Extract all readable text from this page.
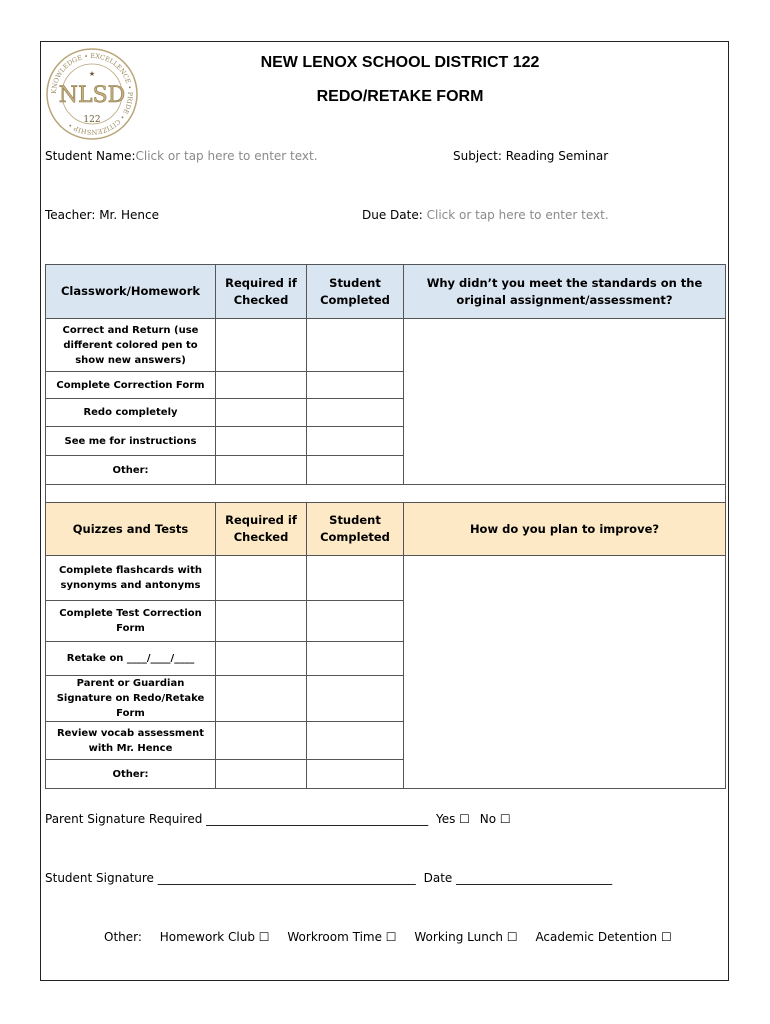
KNOWLEDGE • EXCELLENCE • PRIDE • CITIZENSHIP •
NLSD
122
★
NEW LENOX SCHOOL DISTRICT 122
REDO/RETAKE FORM
Student Name:Click or tap here to enter text.	Subject: Reading Seminar
Teacher: Mr. Hence	Due Date: Click or tap here to enter text.
Classwork/Homework	Required if Checked	Student Completed	Why didn’t you meet the standards on the original assignment/assessment?
Correct and Return (use different colored pen to show new answers)			
Complete Correction Form			
Redo completely			
See me for instructions			
Other:			

Quizzes and Tests	Required if Checked	Student Completed	How do you plan to improve?
Complete flashcards with synonyms and antonyms			
Complete Test Correction Form			
Retake on ____/____/____			
Parent or Guardian Signature on Redo/Retake Form			
Review vocab assessment with Mr. Hence			
Other:			
Parent Signature Required _____________________________________ Yes ☐ No ☐
Student Signature ___________________________________________ Date __________________________
Other: Homework Club ☐ Workroom Time ☐ Working Lunch ☐ Academic Detention ☐
